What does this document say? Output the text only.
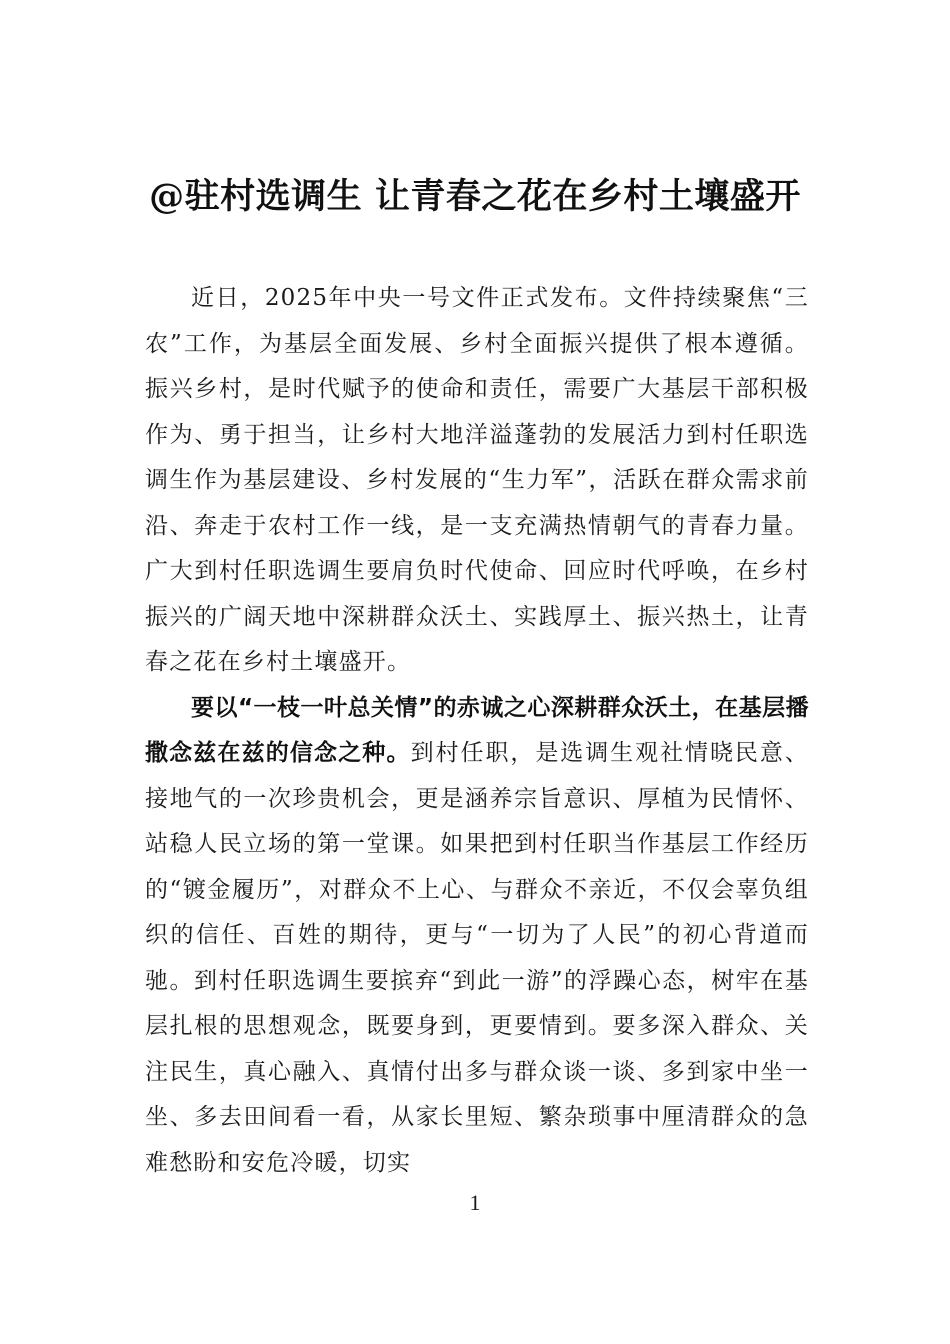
@驻村选调生 让青春之花在乡村土壤盛开

近日，2025年中央一号文件正式发布。文件持续聚焦“三农”工作，为基层全面发展、乡村全面振兴提供了根本遵循。振兴乡村，是时代赋予的使命和责任，需要广大基层干部积极作为、勇于担当，让乡村大地洋溢蓬勃的发展活力到村任职选调生作为基层建设、乡村发展的“生力军”，活跃在群众需求前沿、奔走于农村工作一线，是一支充满热情朝气的青春力量。广大到村任职选调生要肩负时代使命、回应时代呼唤，在乡村振兴的广阔天地中深耕群众沃土、实践厚土、振兴热土，让青春之花在乡村土壤盛开。

要以“一枝一叶总关情”的赤诚之心深耕群众沃土，在基层播撒念兹在兹的信念之种。到村任职，是选调生观社情晓民意、接地气的一次珍贵机会，更是涵养宗旨意识、厚植为民情怀、站稳人民立场的第一堂课。如果把到村任职当作基层工作经历的“镀金履历”，对群众不上心、与群众不亲近，不仅会辜负组织的信任、百姓的期待，更与“一切为了人民”的初心背道而驰。到村任职选调生要摈弃“到此一游”的浮躁心态，树牢在基层扎根的思想观念，既要身到，更要情到。要多深入群众、关注民生，真心融入、真情付出多与群众谈一谈、多到家中坐一坐、多去田间看一看，从家长里短、繁杂琐事中厘清群众的急难愁盼和安危冷暖，切实

1
